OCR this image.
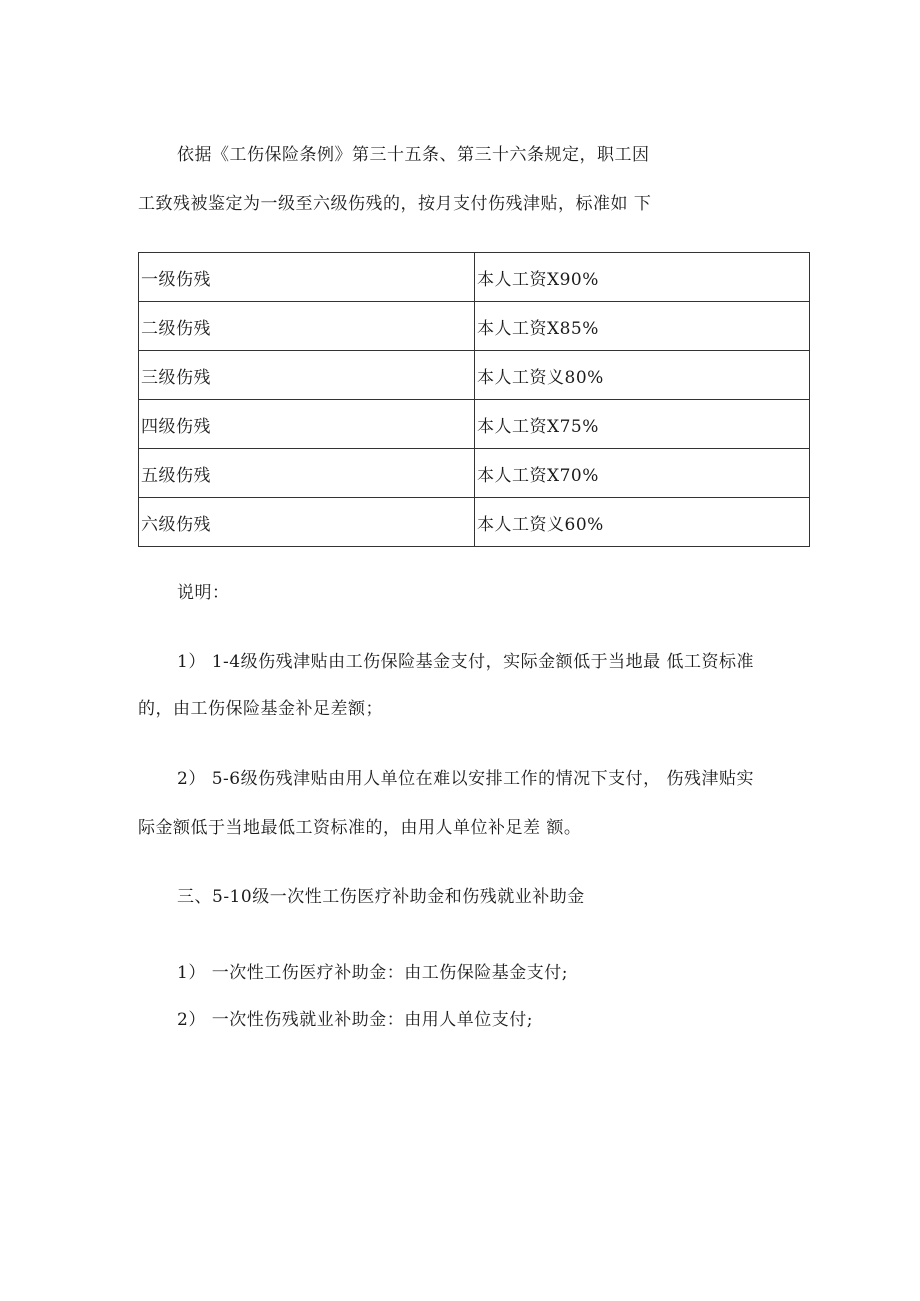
依据《工伤保险条例》第三十五条、第三十六条规定，职工因
工致残被鉴定为一级至六级伤残的，按月支付伤残津贴，标准如 下
一级伤残	本人工资X90%
二级伤残	本人工资X85%
三级伤残	本人工资义80%
四级伤残	本人工资X75%
五级伤残	本人工资X70%
六级伤残	本人工资义60%
说明：
1） 1-4级伤残津贴由工伤保险基金支付，实际金额低于当地最 低工资标准
的，由工伤保险基金补足差额；
2） 5-6级伤残津贴由用人单位在难以安排工作的情况下支付， 伤残津贴实
际金额低于当地最低工资标准的，由用人单位补足差 额。
三、5-10级一次性工伤医疗补助金和伤残就业补助金
1） 一次性工伤医疗补助金：由工伤保险基金支付;
2） 一次性伤残就业补助金：由用人单位支付;
